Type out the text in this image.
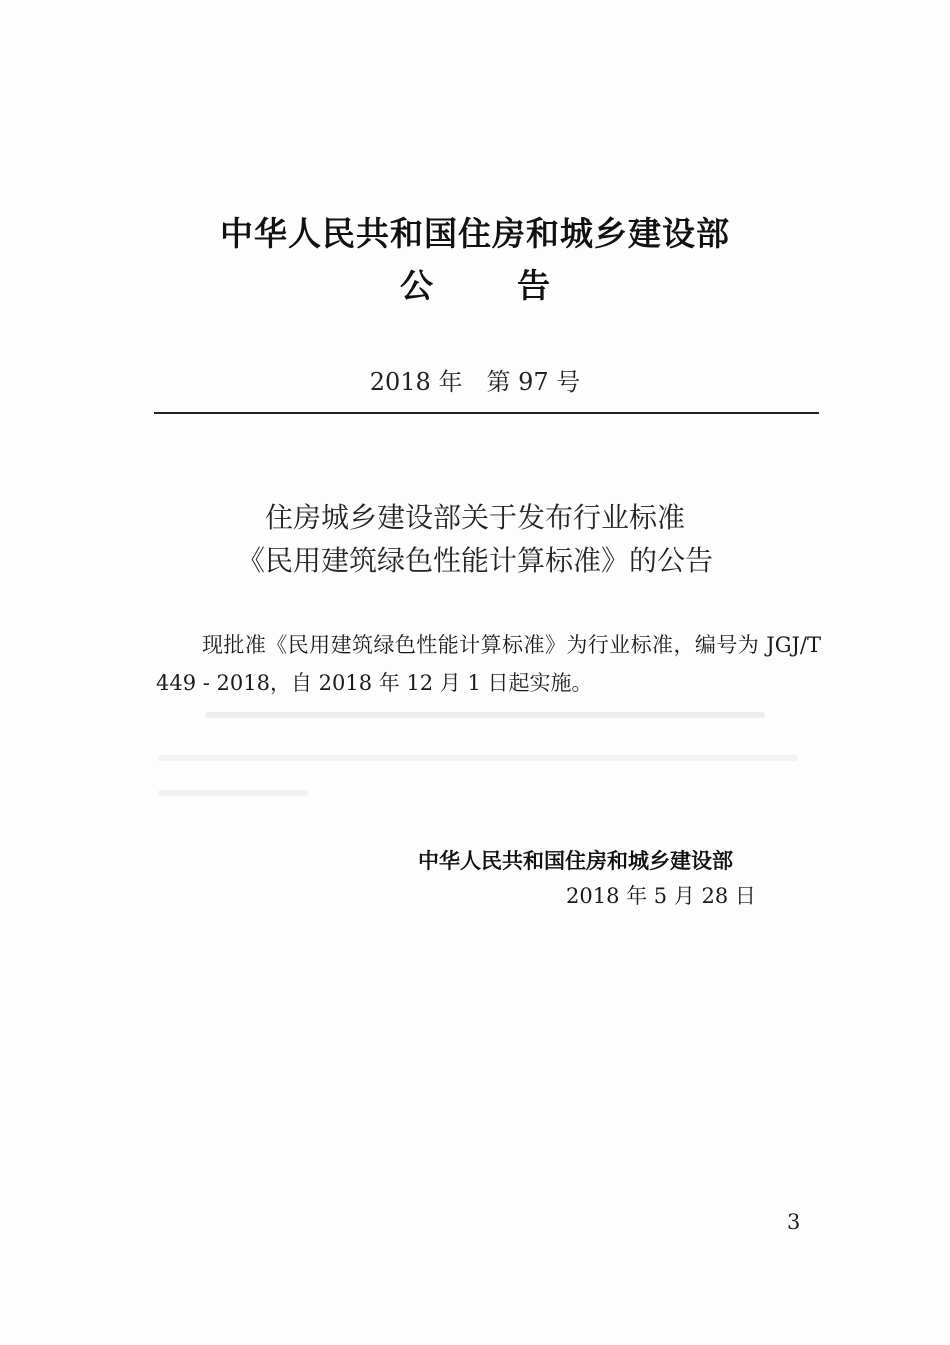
中华人民共和国住房和城乡建设部
公告
2018 年　第 97 号
住房城乡建设部关于发布行业标准
《民用建筑绿色性能计算标准》的公告
现批准《民用建筑绿色性能计算标准》为行业标准，编号为 JGJ/T 449 - 2018，自 2018 年 12 月 1 日起实施。
中华人民共和国住房和城乡建设部
2018 年 5 月 28 日
3
